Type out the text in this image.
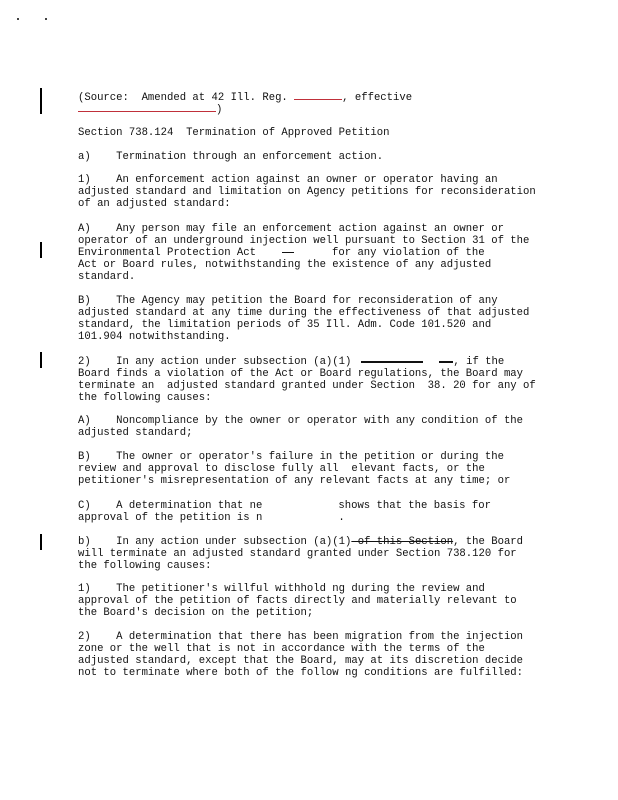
(Source:  Amended at 42 Ill. Reg.	, effective
)
Section 738.124  Termination of Approved Petition
a)    Termination through an enforcement action.
1)    An enforcement action against an owner or operator having an
adjusted standard and limitation on Agency petitions for reconsideration
of an adjusted standard:
A)    Any person may file an enforcement action against an owner or
operator of an underground injection well pursuant to Section 31 of the
Environmental Protection Act	for any violation of the
Act or Board rules, notwithstanding the existence of any adjusted
standard.
B)    The Agency may petition the Board for reconsideration of any
adjusted standard at any time during the effectiveness of that adjusted
standard, the limitation periods of 35 Ill. Adm. Code 101.520 and
101.904 notwithstanding.
2)    In any action under subsection (a)(1)	, if the
Board finds a violation of the Act or Board regulations, the Board may
terminate an  adjusted standard granted under Section  38. 20 for any of
the following causes:
A)    Noncompliance by the owner or operator with any condition of the
adjusted standard;
B)    The owner or operator's failure in the petition or during the
review and approval to disclose fully all  elevant facts, or the
petitioner's misrepresentation of any relevant facts at any time; or
C)    A determination that ne	shows that the basis for
approval of the petition is n	.
b)    In any action under subsection (a)(1) of this Section, the Board
will terminate an adjusted standard granted under Section 738.120 for
the following causes:
1)    The petitioner's willful withhold ng during the review and
approval of the petition of facts directly and materially relevant to
the Board's decision on the petition;
2)    A determination that there has been migration from the injection
zone or the well that is not in accordance with the terms of the
adjusted standard, except that the Board, may at its discretion decide
not to terminate where both of the follow ng conditions are fulfilled:
